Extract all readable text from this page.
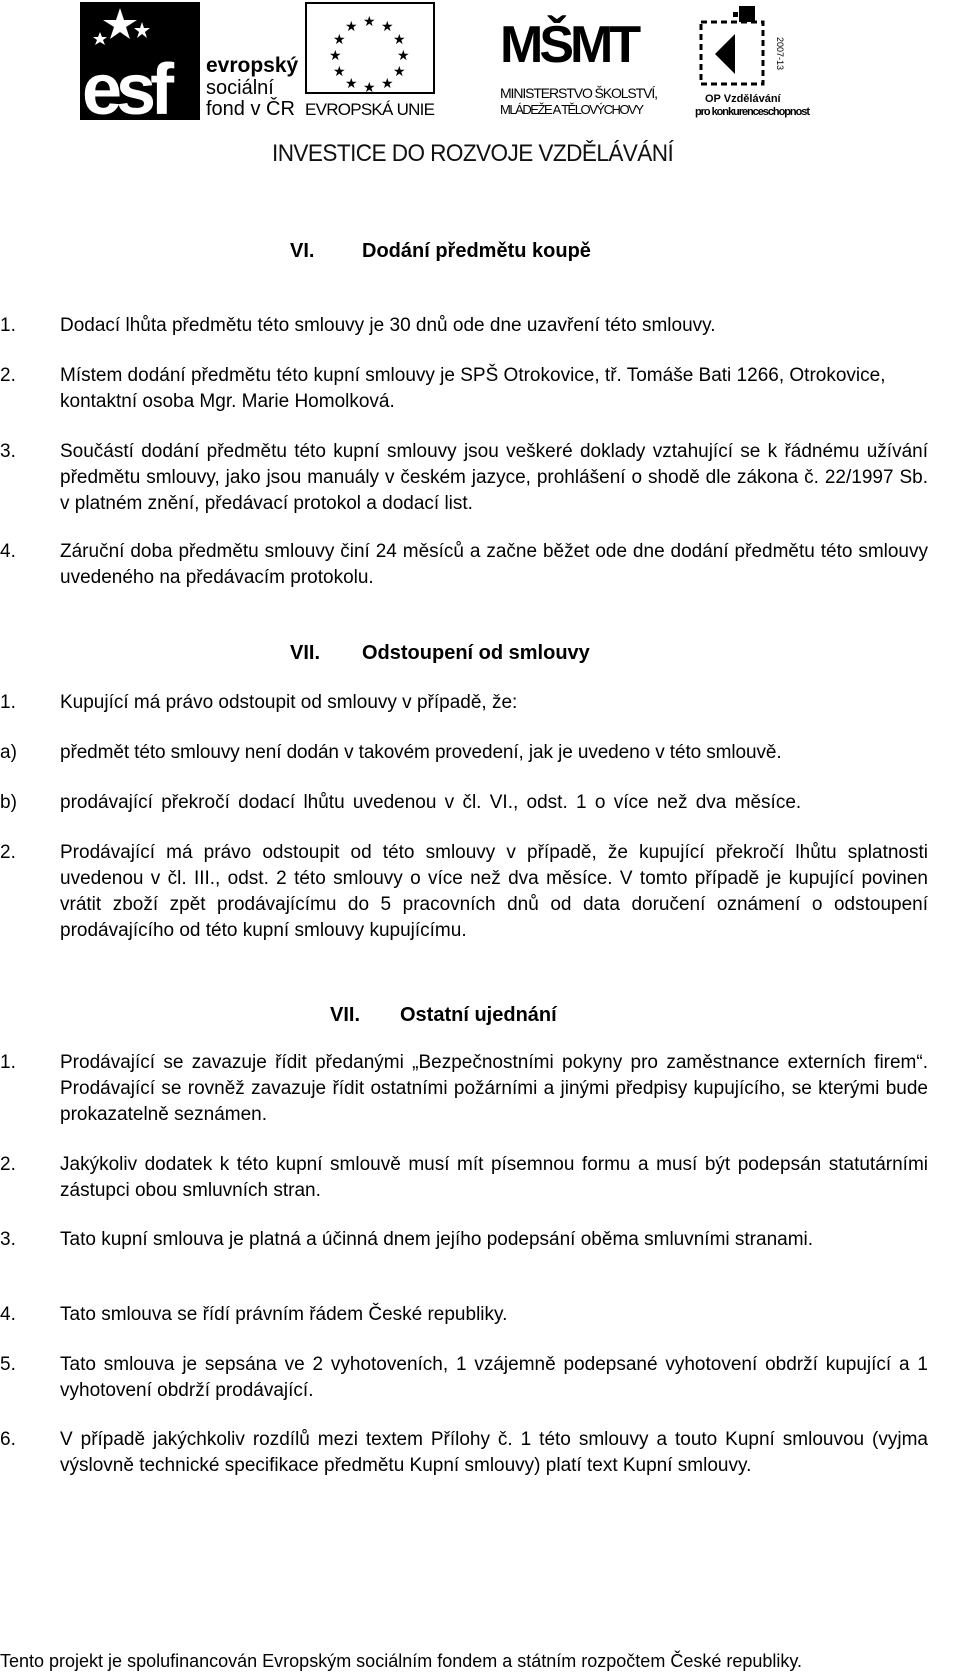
esf	evropský
sociální
fond v ČR
★ ★
★
★
★
★
★
★
★
★
★
★
EVROPSKÁ UNIE
MŠMT
MINISTERSTVO ŠKOLSTVÍ,
MLÁDEŽE A TĚLOVÝCHOVY
2007-13
OP Vzdělávání
pro konkurenceschopnost
INVESTICE DO ROZVOJE VZDĚLÁVÁNÍ
VI. Dodání předmětu koupě
1. Dodací lhůta předmětu této smlouvy je 30 dnů ode dne uzavření této smlouvy.
2. Místem dodání předmětu této kupní smlouvy je SPŠ Otrokovice, tř. Tomáše Bati 1266, Otrokovice, kontaktní osoba Mgr. Marie Homolková.
3. Součástí dodání předmětu této kupní smlouvy jsou veškeré doklady vztahující se k řádnému užívání předmětu smlouvy, jako jsou manuály v českém jazyce, prohlášení o shodě dle zákona č. 22/1997 Sb. v platném znění, předávací protokol a dodací list.
4. Záruční doba předmětu smlouvy činí 24 měsíců a začne běžet ode dne dodání předmětu této smlouvy uvedeného na předávacím protokolu.
VII. Odstoupení od smlouvy
1. Kupující má právo odstoupit od smlouvy v případě, že:
a) předmět této smlouvy není dodán v takovém provedení, jak je uvedeno v této smlouvě.
b) prodávající překročí dodací lhůtu uvedenou v čl. VI., odst. 1 o více než dva měsíce.
2. Prodávající má právo odstoupit od této smlouvy v případě, že kupující překročí lhůtu splatnosti uvedenou v čl. III., odst. 2 této smlouvy o více než dva měsíce. V tomto případě je kupující povinen vrátit zboží zpět prodávajícímu do 5 pracovních dnů od data doručení oznámení o odstoupení prodávajícího od této kupní smlouvy kupujícímu.
VII. Ostatní ujednání
1. Prodávající se zavazuje řídit předanými „Bezpečnostními pokyny pro zaměstnance externích firem“. Prodávající se rovněž zavazuje řídit ostatními požárními a jinými předpisy kupujícího, se kterými bude prokazatelně seznámen.
2. Jakýkoliv dodatek k této kupní smlouvě musí mít písemnou formu a musí být podepsán statutárními zástupci obou smluvních stran.
3. Tato kupní smlouva je platná a účinná dnem jejího podepsání oběma smluvními stranami.
4. Tato smlouva se řídí právním řádem České republiky.
5. Tato smlouva je sepsána ve 2 vyhotoveních, 1 vzájemně podepsané vyhotovení obdrží kupující a 1 vyhotovení obdrží prodávající.
6. V případě jakýchkoliv rozdílů mezi textem Přílohy č. 1 této smlouvy a touto Kupní smlouvou (vyjma výslovně technické specifikace předmětu Kupní smlouvy) platí text Kupní smlouvy.
Tento projekt je spolufinancován Evropským sociálním fondem a státním rozpočtem České republiky.
